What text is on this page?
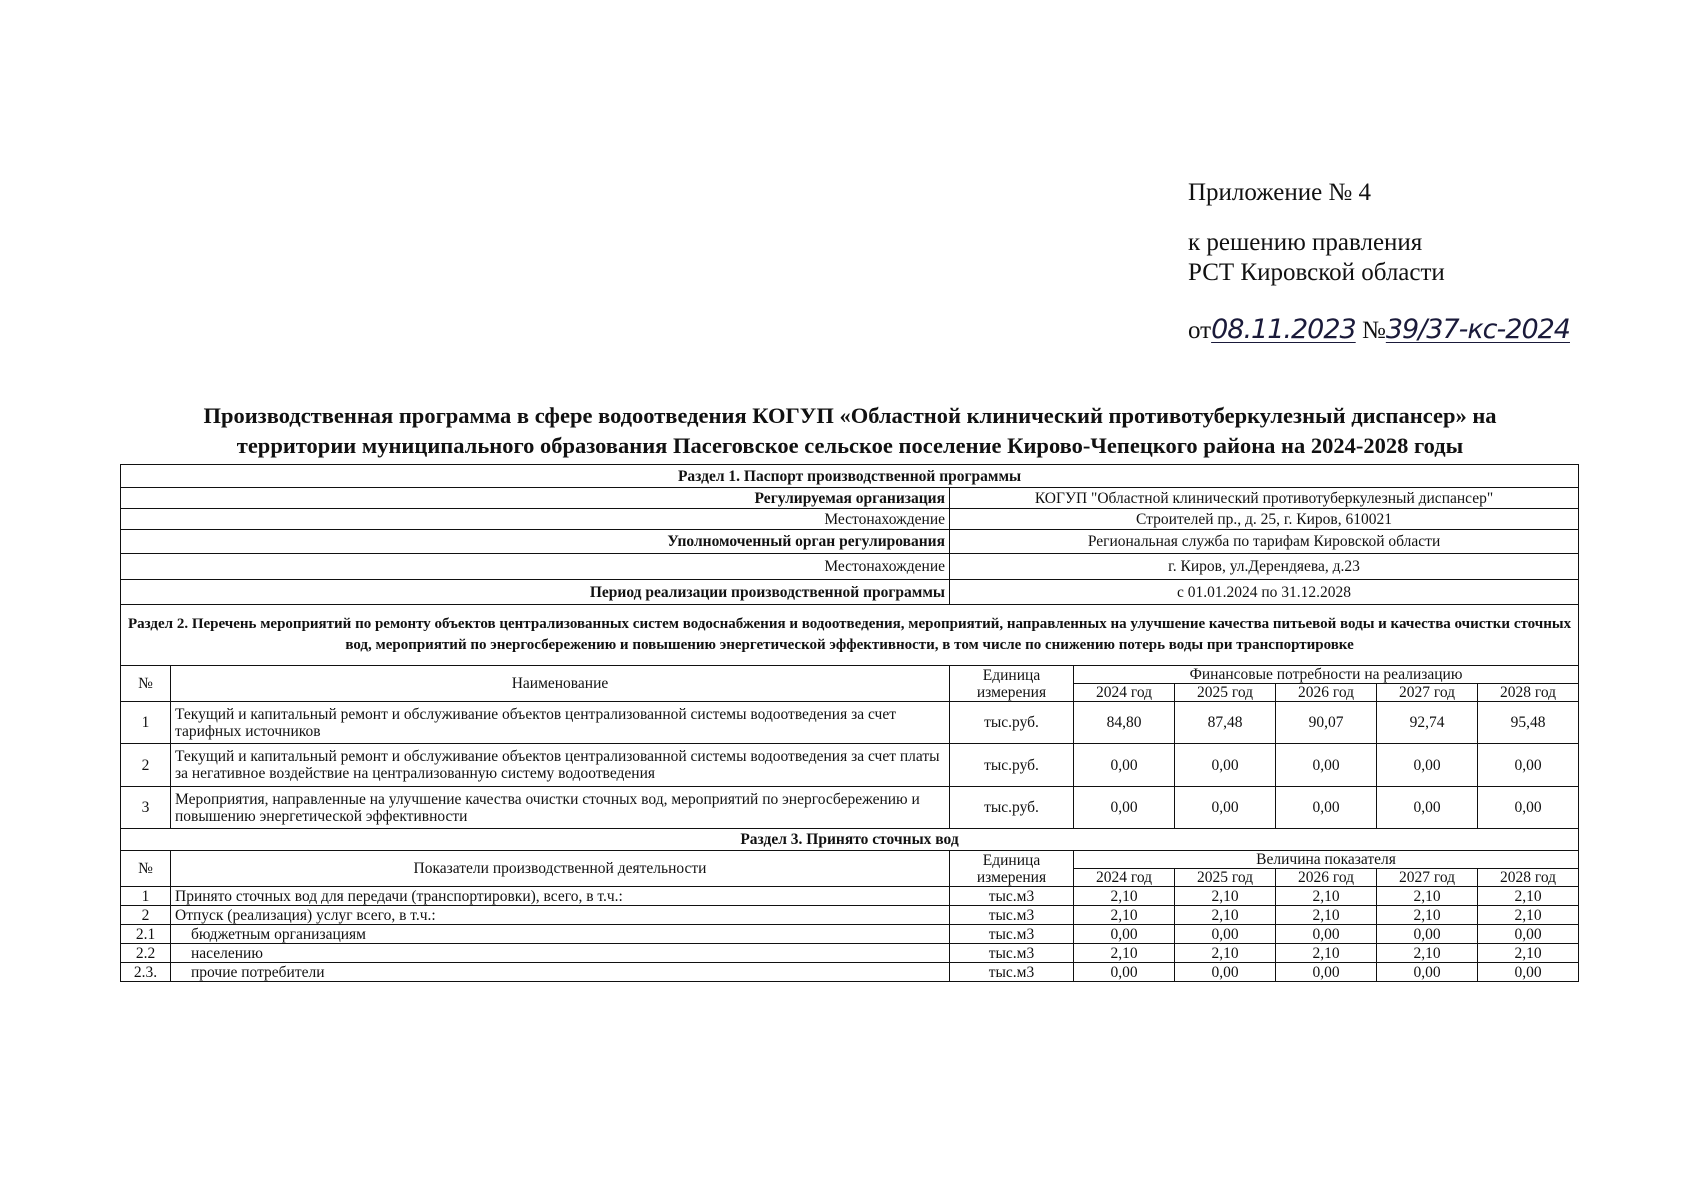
Приложение № 4
к решению правления
РСТ Кировской области
от08.11.2023 №39/37-кс-2024
Производственная программа в сфере водоотведения КОГУП «Областной клинический противотуберкулезный диспансер» на
территории муниципального образования Пасеговское сельское поселение Кирово-Чепецкого района на 2024-2028 годы
Раздел 1. Паспорт производственной программы							
Регулируемая организация		КОГУП "Областной клинический противотуберкулезный диспансер"					
Местонахождение		Строителей пр., д. 25, г. Киров, 610021					
Уполномоченный орган регулирования		Региональная служба по тарифам Кировской области					
Местонахождение		г. Киров, ул.Дерендяева, д.23					
Период реализации производственной программы		с 01.01.2024 по 31.12.2028					
Раздел 2. Перечень мероприятий по ремонту объектов централизованных систем водоснабжения и водоотведения, мероприятий, направленных на улучшение качества питьевой воды и качества очистки сточных вод, мероприятий по энергосбережению и повышению энергетической эффективности, в том числе по снижению потерь воды при транспортировке							
№	Наименование	Единица измерения	Финансовые потребности на реализацию				
			2024 год	2025 год	2026 год	2027 год	2028 год
1	Текущий и капитальный ремонт и обслуживание объектов централизованной системы водоотведения за счет тарифных источников	тыс.руб.	84,80	87,48	90,07	92,74	95,48
2	Текущий и капитальный ремонт и обслуживание объектов централизованной системы водоотведения за счет платы за негативное воздействие на централизованную систему водоотведения	тыс.руб.	0,00	0,00	0,00	0,00	0,00
3	Мероприятия, направленные на улучшение качества очистки сточных вод, мероприятий по энергосбережению и повышению энергетической эффективности	тыс.руб.	0,00	0,00	0,00	0,00	0,00
Раздел 3. Принято сточных вод							
№	Показатели производственной деятельности	Единица измерения	Величина показателя				
			2024 год	2025 год	2026 год	2027 год	2028 год
1	Принято сточных вод для передачи (транспортировки), всего, в т.ч.:	тыс.м3	2,10	2,10	2,10	2,10	2,10
2	Отпуск (реализация) услуг всего, в т.ч.:	тыс.м3	2,10	2,10	2,10	2,10	2,10
2.1	бюджетным организациям	тыс.м3	0,00	0,00	0,00	0,00	0,00
2.2	населению	тыс.м3	2,10	2,10	2,10	2,10	2,10
2.3.	прочие потребители	тыс.м3	0,00	0,00	0,00	0,00	0,00
